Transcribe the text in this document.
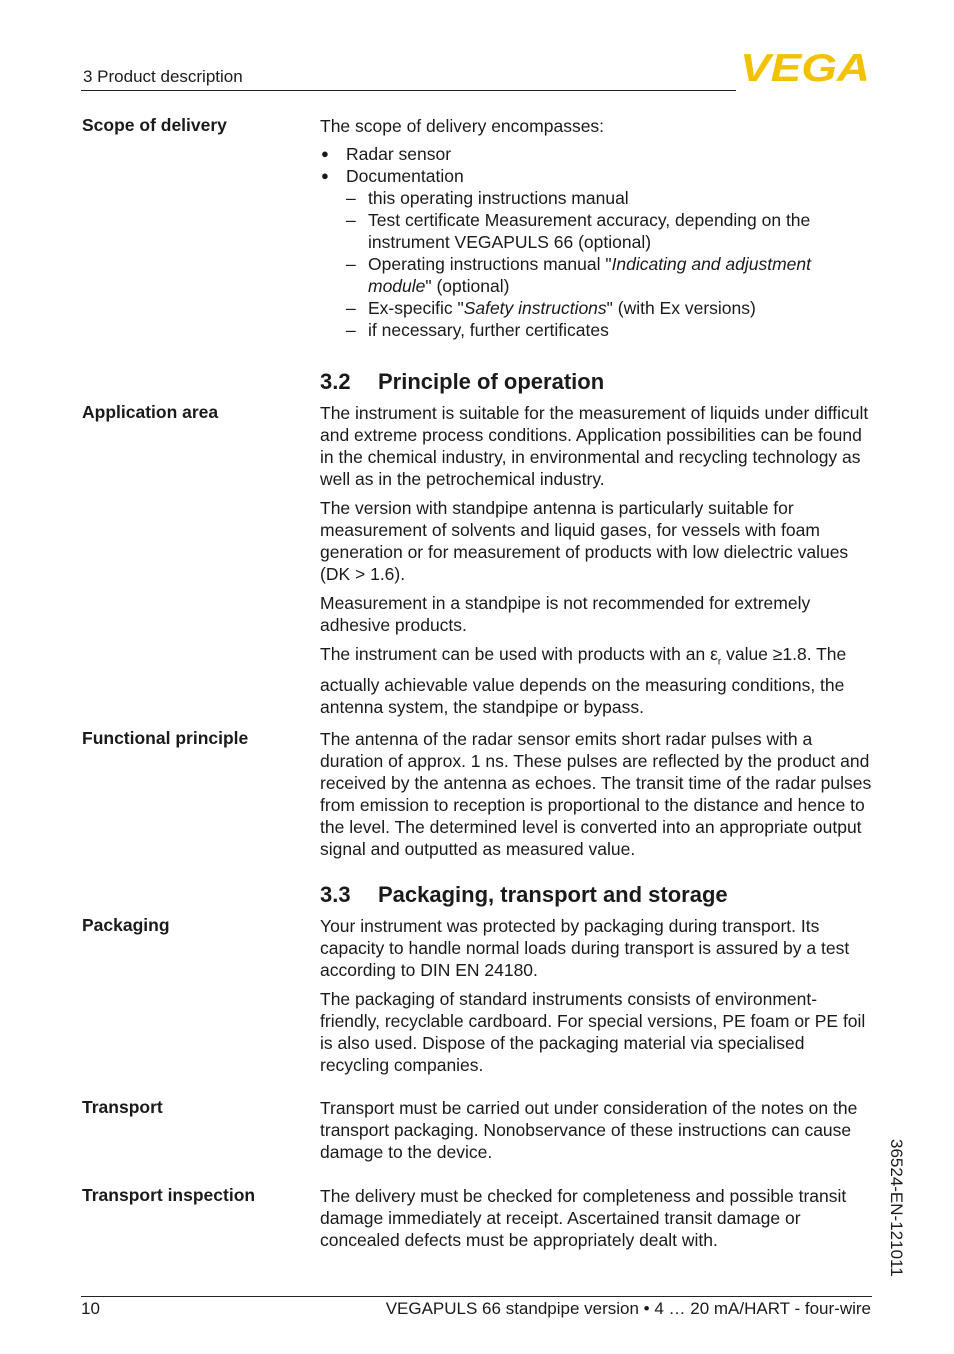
3 Product description	VEGA
Scope of delivery	The scope of delivery encompasses:

● Radar sensor
● Documentation
– this operating instructions manual
– Test certificate Measurement accuracy, depending on the instrument VEGAPULS 66 (optional)
– Operating instructions manual "Indicating and adjustment module" (optional)
– Ex-specific "Safety instructions" (with Ex versions)
– if necessary, further certificates
3.2 Principle of operation
Application area	The instrument is suitable for the measurement of liquids under difficult and extreme process conditions. Application possibilities can be found in the chemical industry, in environmental and recycling technology as well as in the petrochemical industry.

The version with standpipe antenna is particularly suitable for measurement of solvents and liquid gases, for vessels with foam generation or for measurement of products with low dielectric values (DK > 1.6).

Measurement in a standpipe is not recommended for extremely adhesive products.

The instrument can be used with products with an $\varepsilon_r$ value ≥1.8. The actually achievable value depends on the measuring conditions, the antenna system, the standpipe or bypass.

Functional principle	The antenna of the radar sensor emits short radar pulses with a duration of approx. 1 ns. These pulses are reflected by the product and received by the antenna as echoes. The transit time of the radar pulses from emission to reception is proportional to the distance and hence to the level. The determined level is converted into an appropriate output signal and outputted as measured value.

3.3 Packaging, transport and storage
Packaging	Your instrument was protected by packaging during transport. Its capacity to handle normal loads during transport is assured by a test according to DIN EN 24180.

The packaging of standard instruments consists of environment-friendly, recyclable cardboard. For special versions, PE foam or PE foil is also used. Dispose of the packaging material via specialised recycling companies.

Transport	Transport must be carried out under consideration of the notes on the transport packaging. Nonobservance of these instructions can cause damage to the device.

Transport inspection	The delivery must be checked for completeness and possible transit damage immediately at receipt. Ascertained transit damage or concealed defects must be appropriately dealt with.	36524-EN-121011
10	VEGAPULS 66 standpipe version • 4 … 20 mA/HART - four-wire
